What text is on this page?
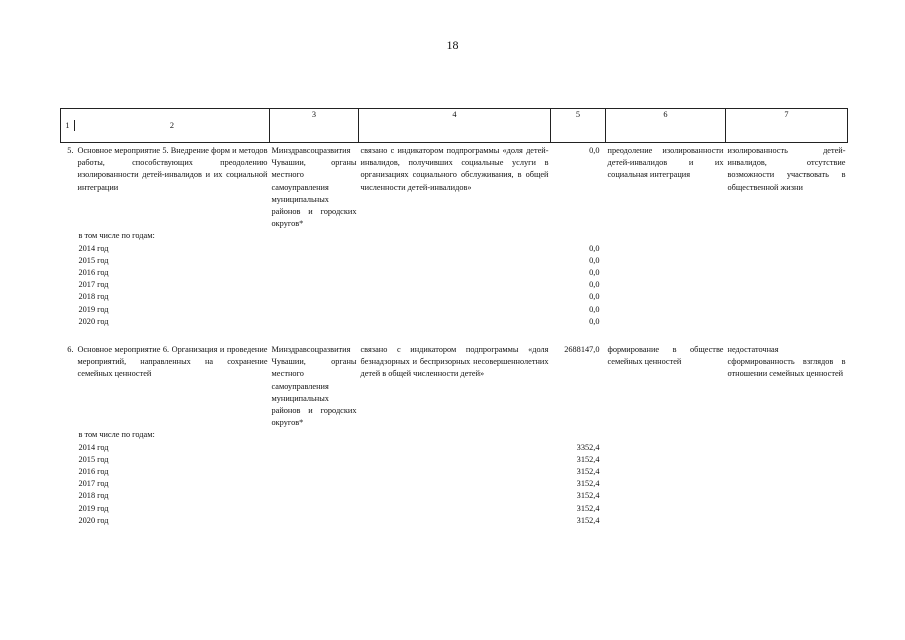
18

1 2	3	4	5	6	7

5. Основное мероприятие 5. Внедрение форм и методов работы, способствующих преодолению изолированности детей-инвалидов и их социальной интеграции	Минздравсоцразвития Чувашии, органы местного самоуправления муниципальных районов и городских округов*	связано с индикатором подпрограммы «доля детей-инвалидов, получивших социальные услуги в организациях социального обслуживания, в общей численности детей-инвалидов»	0,0	преодоление изолированности детей-инвалидов и их социальная интеграция	изолированность детей-инвалидов, отсутствие возможности участвовать в общественной жизни
в том числе по годам:					
2014 год			0,0		
2015 год			0,0		
2016 год			0,0		
2017 год			0,0		
2018 год			0,0		
2019 год			0,0		
2020 год			0,0		

6. Основное мероприятие 6. Организация и проведение мероприятий, направленных на сохранение семейных ценностей	Минздравсоцразвития Чувашии, органы местного самоуправления муниципальных районов и городских округов*	связано с индикатором подпрограммы «доля безнадзорных и беспризорных несовершеннолетних детей в общей численности детей»	2688147,0	формирование в обществе семейных ценностей	недостаточная сформированность взглядов в отношении семейных ценностей
в том числе по годам:					
2014 год			3352,4		
2015 год			3152,4		
2016 год			3152,4		
2017 год			3152,4		
2018 год			3152,4		
2019 год			3152,4		
2020 год			3152,4		
